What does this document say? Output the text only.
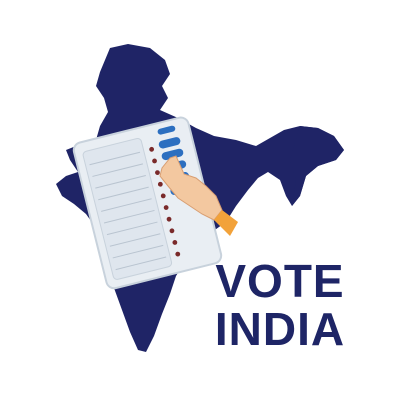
VOTE
INDIA
